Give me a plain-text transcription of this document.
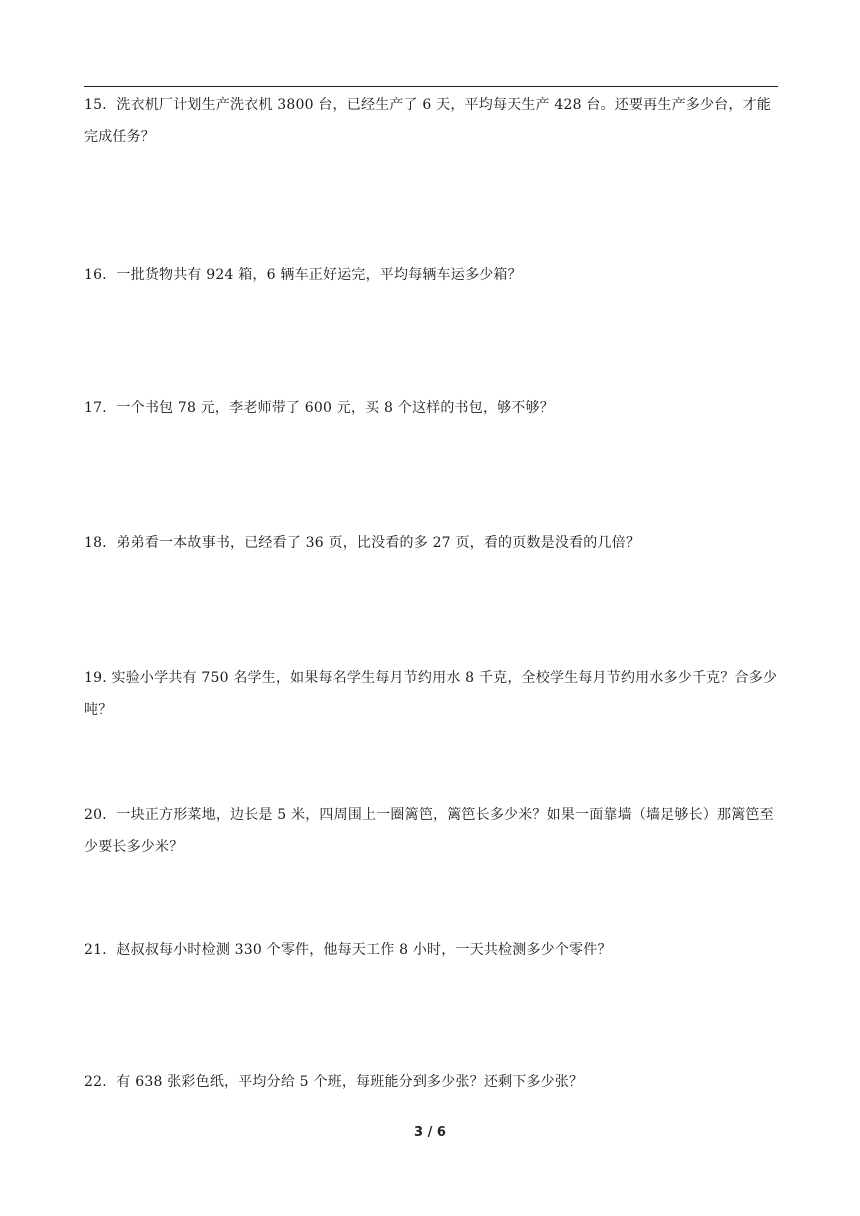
15．洗衣机厂计划生产洗衣机 3800 台，已经生产了 6 天，平均每天生产 428 台。还要再生产多少台，才能完成任务？

16．一批货物共有 924 箱，6 辆车正好运完，平均每辆车运多少箱？

17．一个书包 78 元，李老师带了 600 元，买 8 个这样的书包，够不够？

18．弟弟看一本故事书，已经看了 36 页，比没看的多 27 页，看的页数是没看的几倍？

19. 实验小学共有 750 名学生，如果每名学生每月节约用水 8 千克，全校学生每月节约用水多少千克？合多少吨？

20．一块正方形菜地，边长是 5 米，四周围上一圈篱笆，篱笆长多少米？如果一面靠墙（墙足够长）那篱笆至少要长多少米？

21．赵叔叔每小时检测 330 个零件，他每天工作 8 小时，一天共检测多少个零件？

22．有 638 张彩色纸，平均分给 5 个班，每班能分到多少张？还剩下多少张？

3 / 6
